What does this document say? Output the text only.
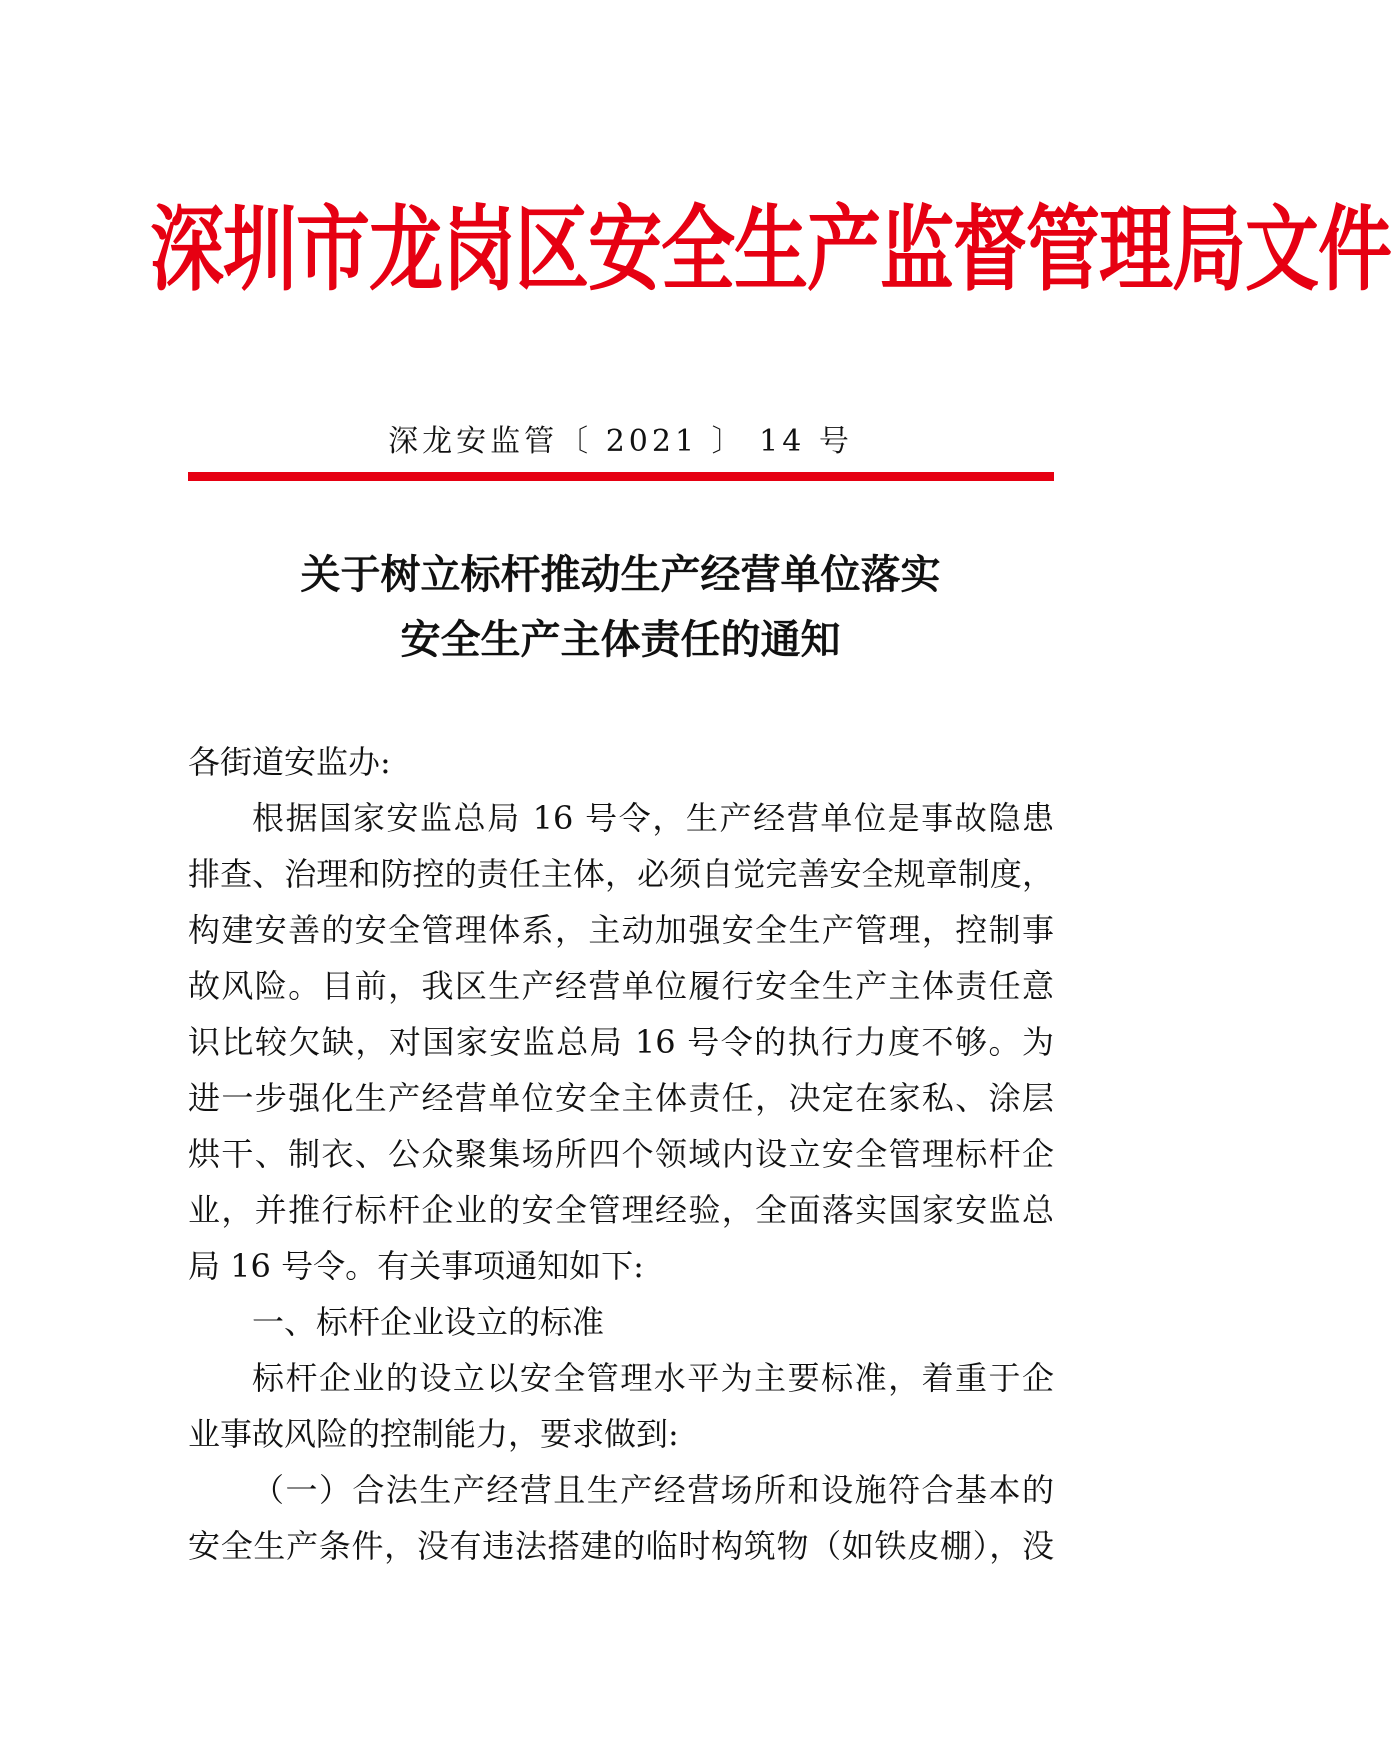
深圳市龙岗区安全生产监督管理局文件
深龙安监管〔 2021 〕 14 号
关于树立标杆推动生产经营单位落实
安全生产主体责任的通知
各街道安监办:
根据国家安监总局 16 号令，生产经营单位是事故隐患
排查、治理和防控的责任主体，必须自觉完善安全规章制度，
构建安善的安全管理体系，主动加强安全生产管理，控制事
故风险。目前，我区生产经营单位履行安全生产主体责任意
识比较欠缺，对国家安监总局 16 号令的执行力度不够。为
进一步强化生产经营单位安全主体责任，决定在家私、涂层
烘干、制衣、公众聚集场所四个领域内设立安全管理标杆企
业，并推行标杆企业的安全管理经验，全面落实国家安监总
局 16 号令。有关事项通知如下:
一、标杆企业设立的标准
标杆企业的设立以安全管理水平为主要标准，着重于企
业事故风险的控制能力，要求做到:
（一）合法生产经营且生产经营场所和设施符合基本的
安全生产条件，没有违法搭建的临时构筑物（如铁皮棚），没
